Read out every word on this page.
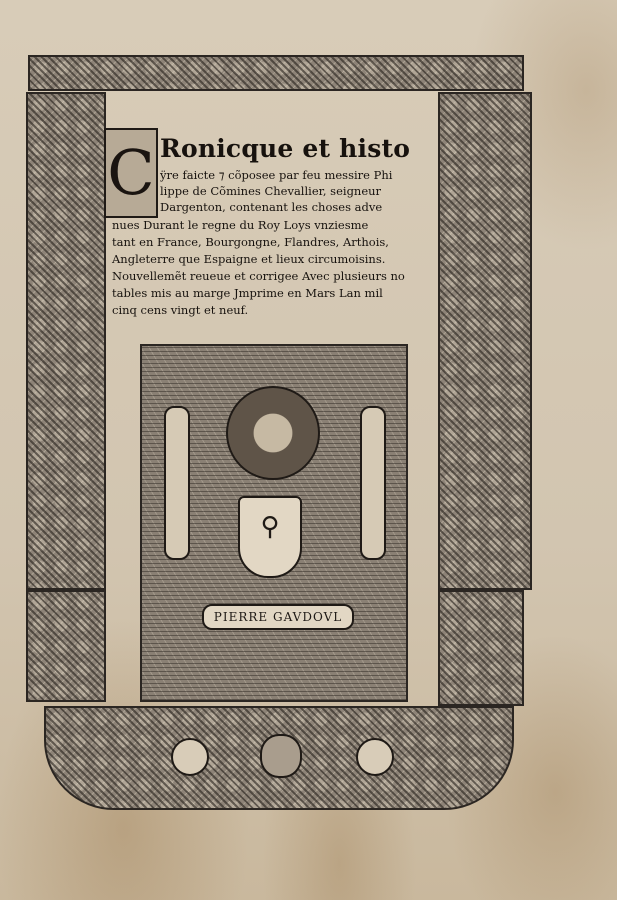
C Ronicque et histo

ÿre faicte ⁊ cõposee par feu messire Phi

lippe de Cõmines Chevallier, seigneur

Dargenton, contenant les choses adve

nues Durant le regne du Roy Loys vnziesme

tant en France, Bourgongne, Flandres, Arthois,

Angleterre que Espaigne et lieux circumoisins.

Nouvellemẽt reueue et corrigee Avec plusieurs no

tables mis au marge Jmprime en Mars Lan mil

cinq cens vingt et neuf.

⚲
PIERRE GAVDOVL
